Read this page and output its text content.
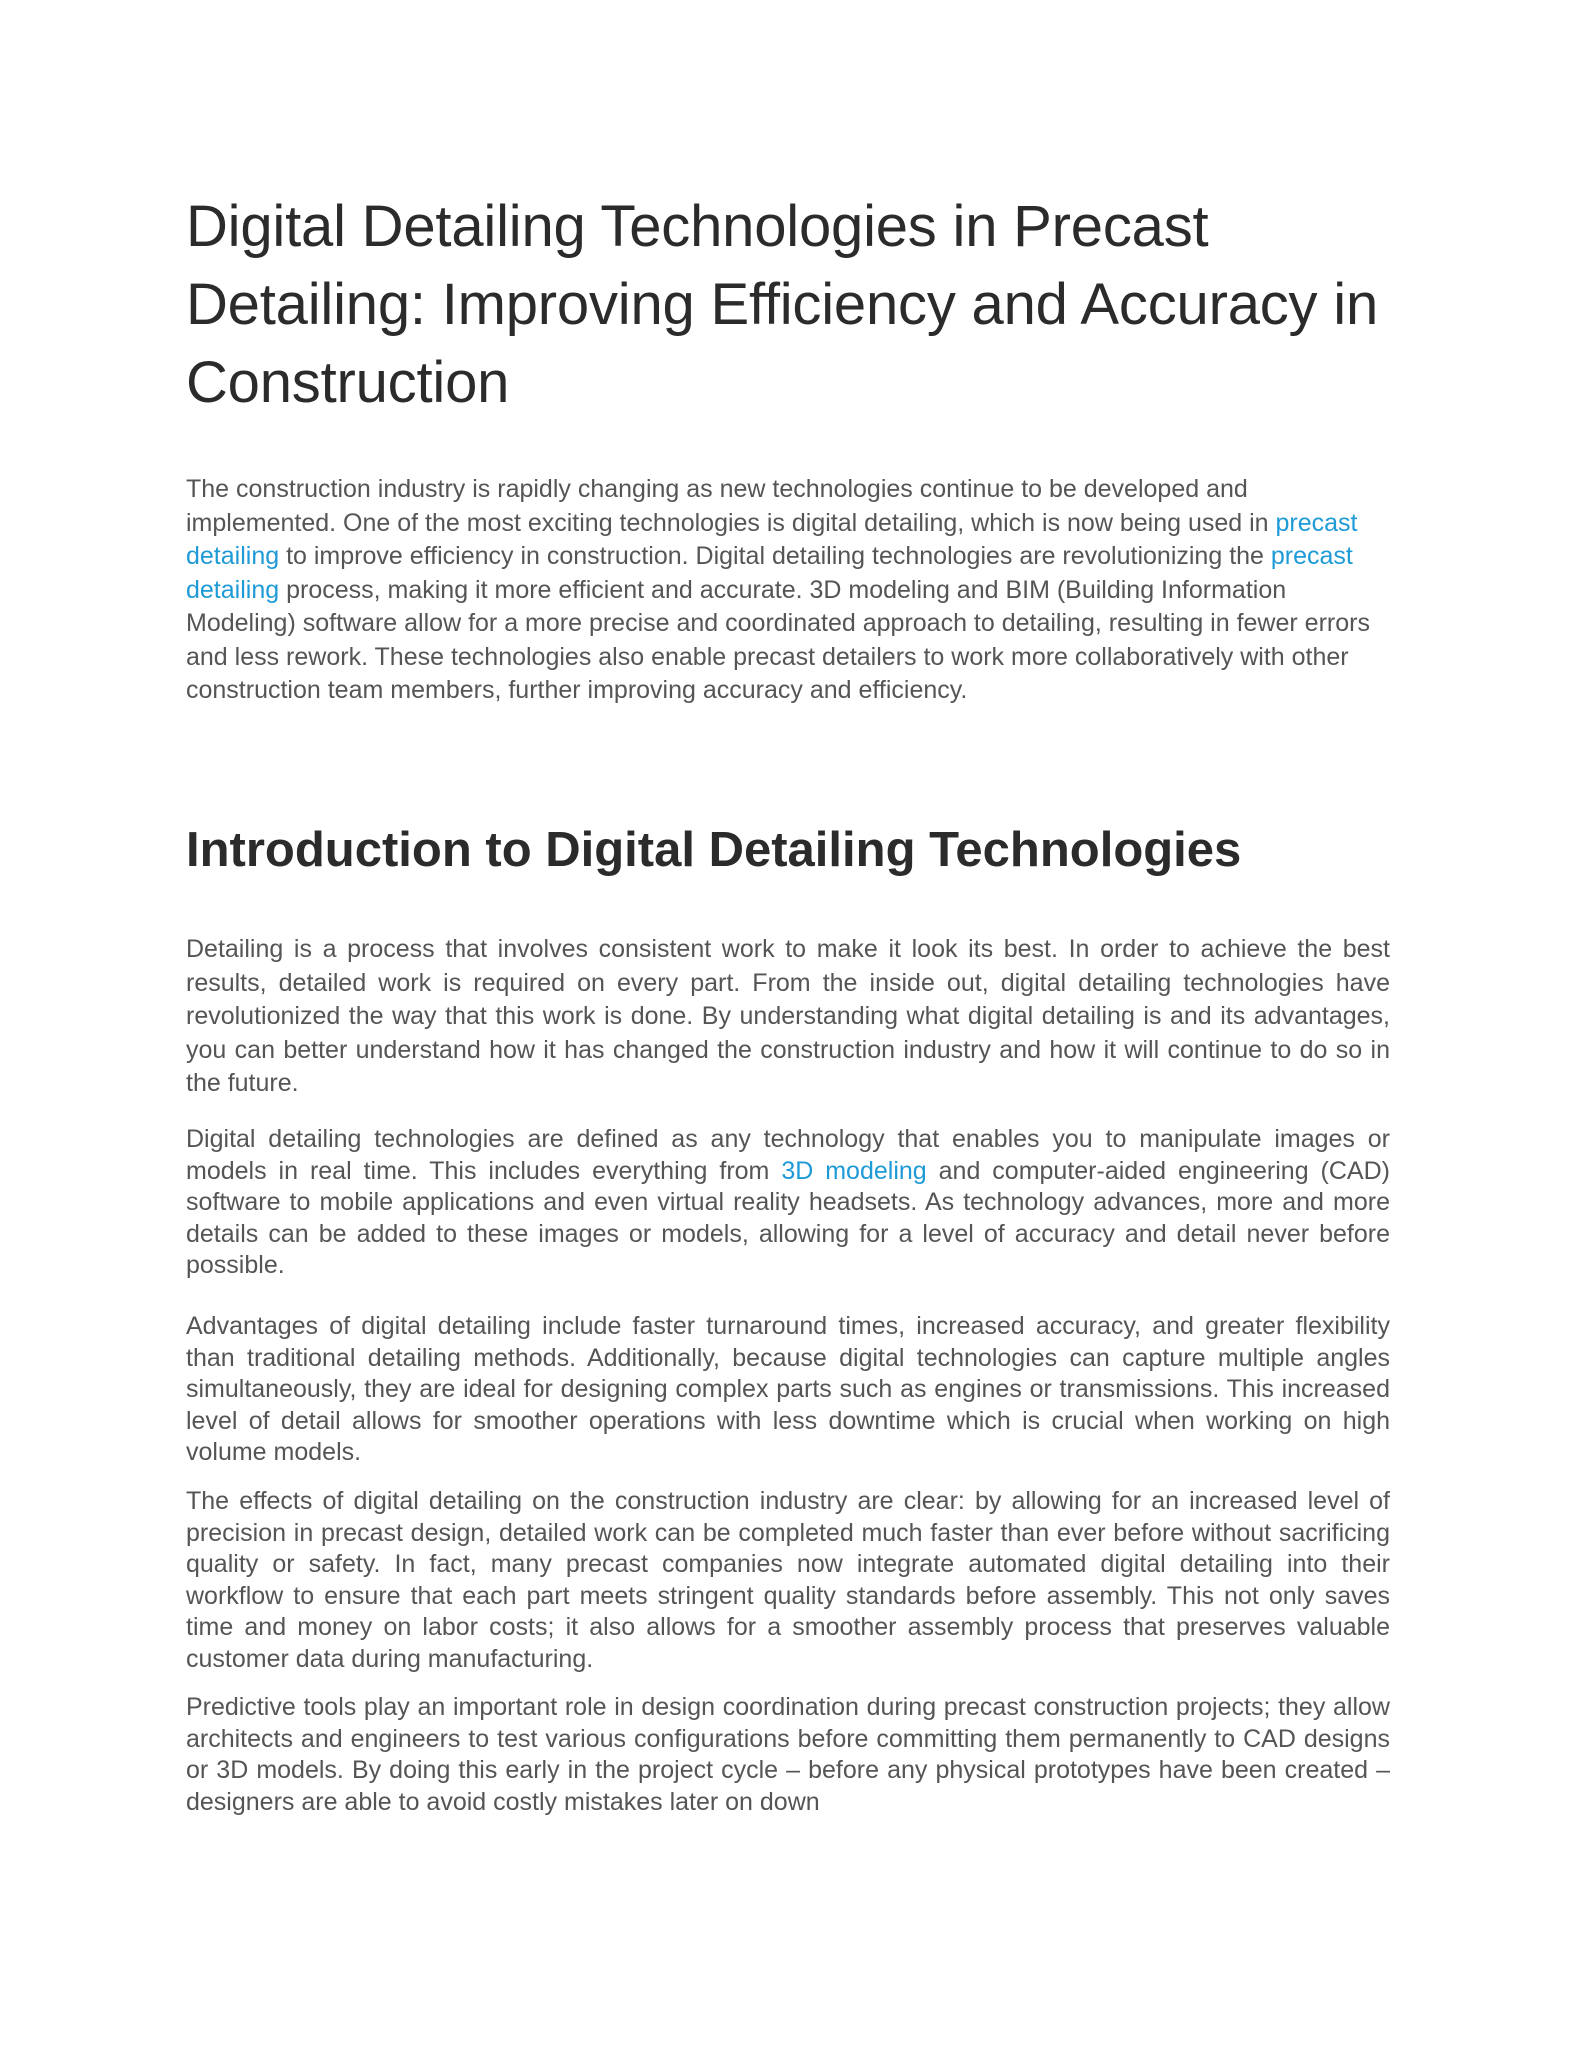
Digital Detailing Technologies in Precast Detailing: Improving Efficiency and Accuracy in Construction

The construction industry is rapidly changing as new technologies continue to be developed and implemented. One of the most exciting technologies is digital detailing, which is now being used in precast detailing to improve efficiency in construction. Digital detailing technologies are revolutionizing the precast detailing process, making it more efficient and accurate. 3D modeling and BIM (Building Information Modeling) software allow for a more precise and coordinated approach to detailing, resulting in fewer errors and less rework. These technologies also enable precast detailers to work more collaboratively with other construction team members, further improving accuracy and efficiency.

Introduction to Digital Detailing Technologies

Detailing is a process that involves consistent work to make it look its best. In order to achieve the best results, detailed work is required on every part. From the inside out, digital detailing technologies have revolutionized the way that this work is done. By understanding what digital detailing is and its advantages, you can better understand how it has changed the construction industry and how it will continue to do so in the future.

Digital detailing technologies are defined as any technology that enables you to manipulate images or models in real time. This includes everything from 3D modeling and computer-aided engineering (CAD) software to mobile applications and even virtual reality headsets. As technology advances, more and more details can be added to these images or models, allowing for a level of accuracy and detail never before possible.

Advantages of digital detailing include faster turnaround times, increased accuracy, and greater flexibility than traditional detailing methods. Additionally, because digital technologies can capture multiple angles simultaneously, they are ideal for designing complex parts such as engines or transmissions. This increased level of detail allows for smoother operations with less downtime which is crucial when working on high volume models.

The effects of digital detailing on the construction industry are clear: by allowing for an increased level of precision in precast design, detailed work can be completed much faster than ever before without sacrificing quality or safety. In fact, many precast companies now integrate automated digital detailing into their workflow to ensure that each part meets stringent quality standards before assembly. This not only saves time and money on labor costs; it also allows for a smoother assembly process that preserves valuable customer data during manufacturing.

Predictive tools play an important role in design coordination during precast construction projects; they allow architects and engineers to test various configurations before committing them permanently to CAD designs or 3D models. By doing this early in the project cycle – before any physical prototypes have been created – designers are able to avoid costly mistakes later on down
